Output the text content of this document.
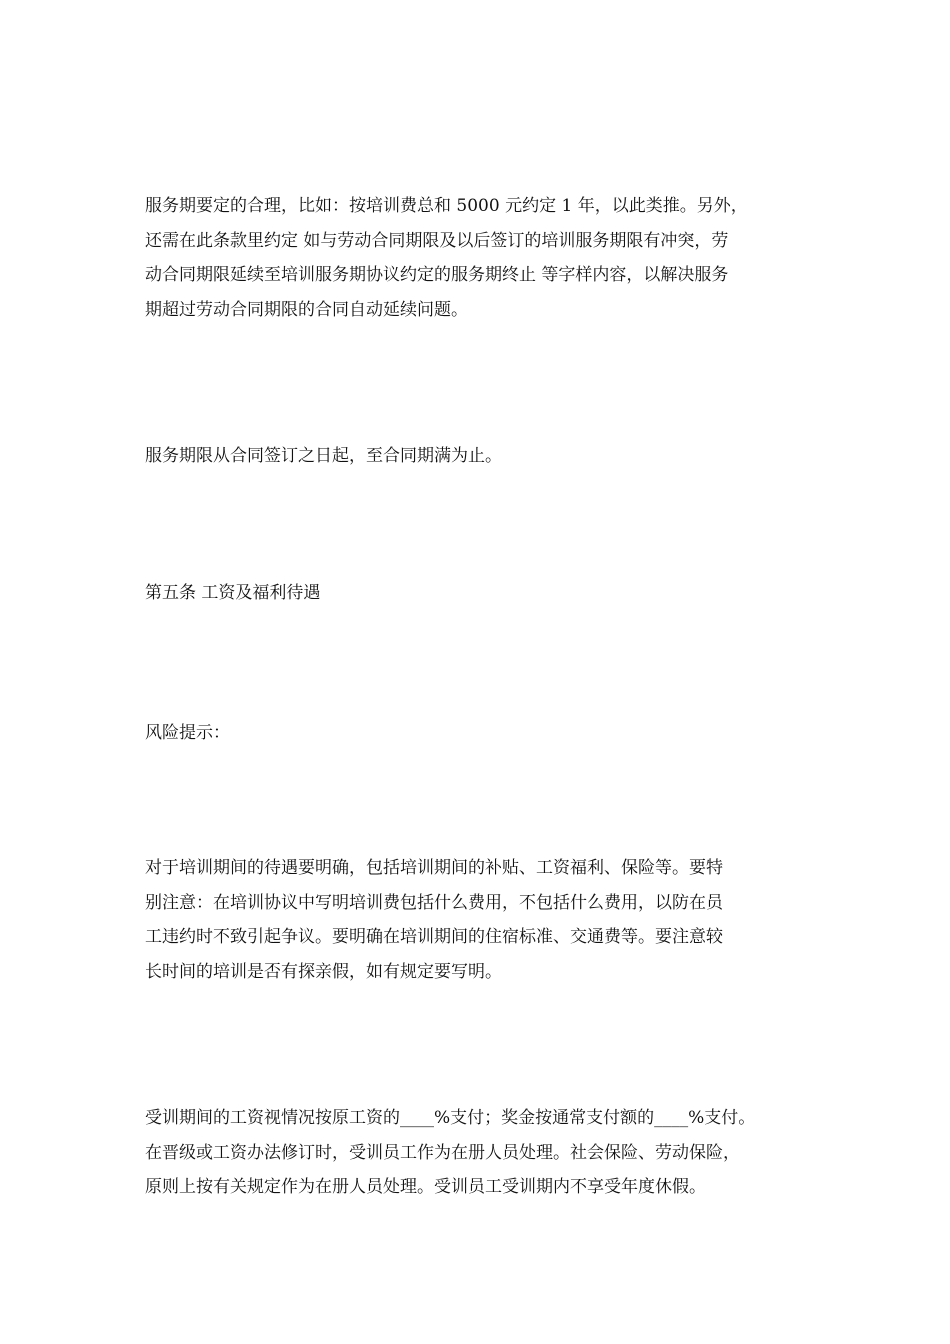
服务期要定的合理，比如：按培训费总和 5000 元约定 1 年，以此类推。另外，
还需在此条款里约定 如与劳动合同期限及以后签订的培训服务期限有冲突，劳
动合同期限延续至培训服务期协议约定的服务期终止 等字样内容，以解决服务
期超过劳动合同期限的合同自动延续问题。

服务期限从合同签订之日起，至合同期满为止。

第五条 工资及福利待遇

风险提示：

对于培训期间的待遇要明确，包括培训期间的补贴、工资福利、保险等。要特
别注意：在培训协议中写明培训费包括什么费用，不包括什么费用，以防在员
工违约时不致引起争议。要明确在培训期间的住宿标准、交通费等。要注意较
长时间的培训是否有探亲假，如有规定要写明。

受训期间的工资视情况按原工资的____%支付；奖金按通常支付额的____%支付。
在晋级或工资办法修订时，受训员工作为在册人员处理。社会保险、劳动保险，
原则上按有关规定作为在册人员处理。受训员工受训期内不享受年度休假。
